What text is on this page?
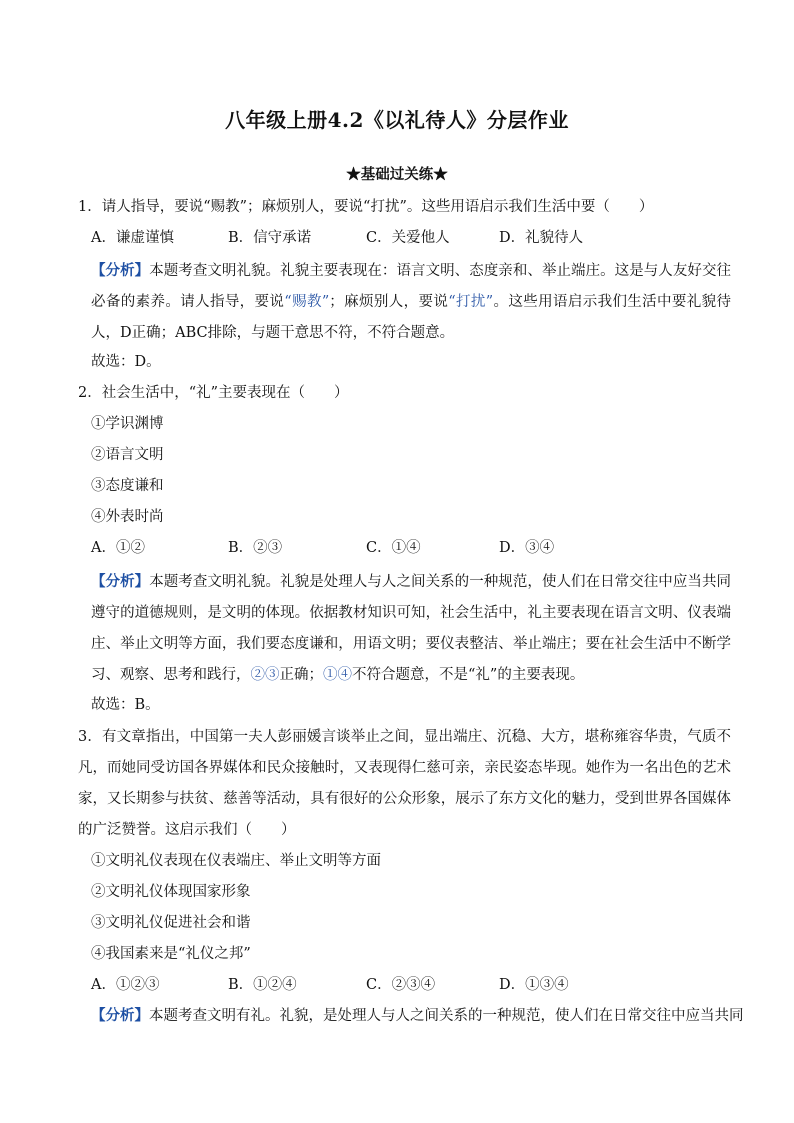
八年级上册4.2《以礼待人》分层作业
★基础过关练★
1．请人指导，要说“赐教”；麻烦别人，要说“打扰”。这些用语启示我们生活中要（　　）
A．谦虚谨慎	B．信守承诺	C．关爱他人	D．礼貌待人
【分析】本题考查文明礼貌。礼貌主要表现在：语言文明、态度亲和、举止端庄。这是与人友好交往必备的素养。请人指导，要说“赐教”；麻烦别人，要说“打扰”。这些用语启示我们生活中要礼貌待人，D正确；ABC排除，与题干意思不符，不符合题意。
故选：D。
2．社会生活中，“礼”主要表现在（　　）
①学识渊博
②语言文明
③态度谦和
④外表时尚
A．①②	B．②③	C．①④	D．③④
【分析】本题考查文明礼貌。礼貌是处理人与人之间关系的一种规范，使人们在日常交往中应当共同遵守的道德规则，是文明的体现。依据教材知识可知，社会生活中，礼主要表现在语言文明、仪表端庄、举止文明等方面，我们要态度谦和，用语文明；要仪表整洁、举止端庄；要在社会生活中不断学习、观察、思考和践行，②③正确；①④不符合题意，不是“礼”的主要表现。
故选：B。
3．有文章指出，中国第一夫人彭丽媛言谈举止之间，显出端庄、沉稳、大方，堪称雍容华贵，气质不凡，而她同受访国各界媒体和民众接触时，又表现得仁慈可亲，亲民姿态毕现。她作为一名出色的艺术家，又长期参与扶贫、慈善等活动，具有很好的公众形象，展示了东方文化的魅力，受到世界各国媒体的广泛赞誉。这启示我们（　　）
①文明礼仪表现在仪表端庄、举止文明等方面
②文明礼仪体现国家形象
③文明礼仪促进社会和谐
④我国素来是“礼仪之邦”
A．①②③	B．①②④	C．②③④	D．①③④
【分析】本题考查文明有礼。礼貌，是处理人与人之间关系的一种规范，使人们在日常交往中应当共同
